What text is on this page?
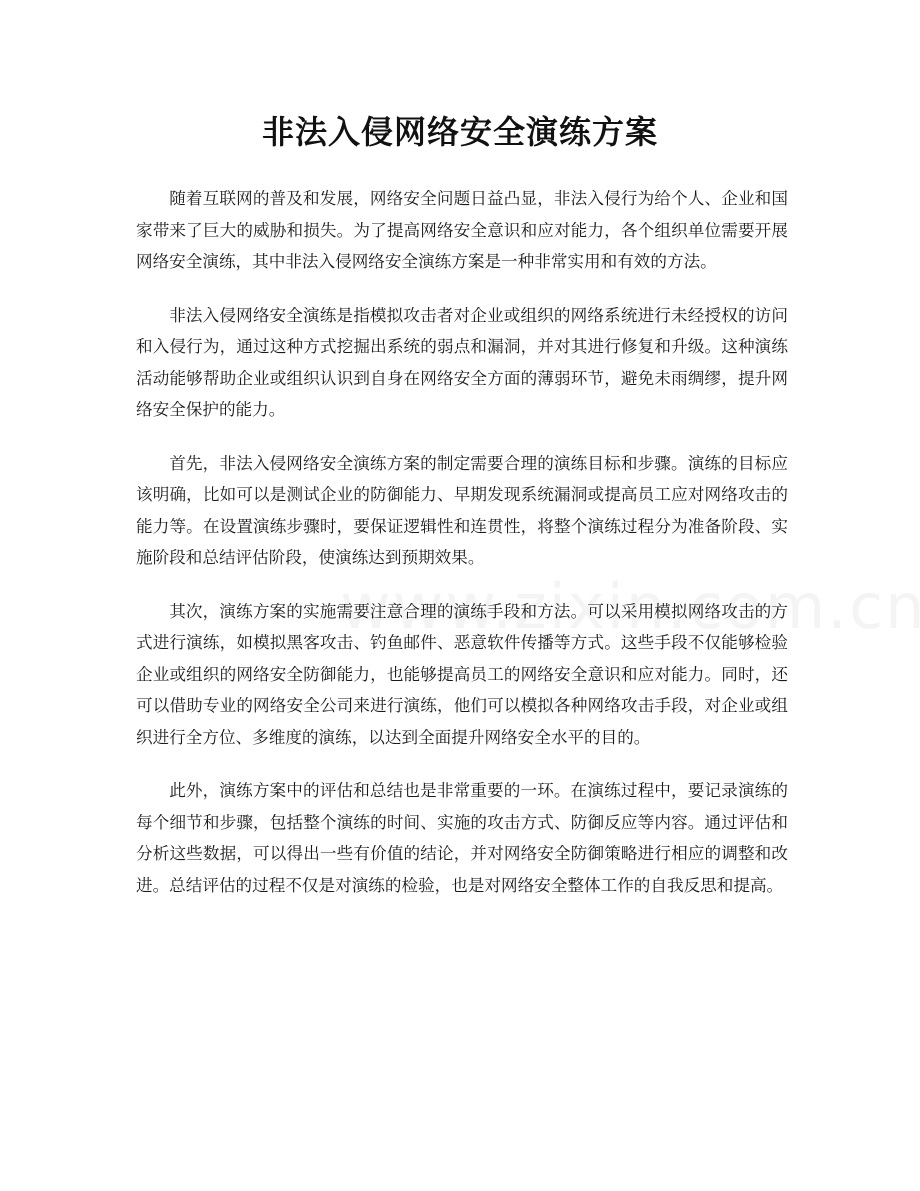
非法入侵网络安全演练方案

随着互联网的普及和发展，网络安全问题日益凸显，非法入侵行为给个人、企业和国家带来了巨大的威胁和损失。为了提高网络安全意识和应对能力，各个组织单位需要开展网络安全演练，其中非法入侵网络安全演练方案是一种非常实用和有效的方法。

非法入侵网络安全演练是指模拟攻击者对企业或组织的网络系统进行未经授权的访问和入侵行为，通过这种方式挖掘出系统的弱点和漏洞，并对其进行修复和升级。这种演练活动能够帮助企业或组织认识到自身在网络安全方面的薄弱环节，避免未雨绸缪，提升网络安全保护的能力。

首先，非法入侵网络安全演练方案的制定需要合理的演练目标和步骤。演练的目标应该明确，比如可以是测试企业的防御能力、早期发现系统漏洞或提高员工应对网络攻击的能力等。在设置演练步骤时，要保证逻辑性和连贯性，将整个演练过程分为准备阶段、实施阶段和总结评估阶段，使演练达到预期效果。

其次，演练方案的实施需要注意合理的演练手段和方法。可以采用模拟网络攻击的方式进行演练，如模拟黑客攻击、钓鱼邮件、恶意软件传播等方式。这些手段不仅能够检验企业或组织的网络安全防御能力，也能够提高员工的网络安全意识和应对能力。同时，还可以借助专业的网络安全公司来进行演练，他们可以模拟各种网络攻击手段，对企业或组织进行全方位、多维度的演练，以达到全面提升网络安全水平的目的。

此外，演练方案中的评估和总结也是非常重要的一环。在演练过程中，要记录演练的每个细节和步骤，包括整个演练的时间、实施的攻击方式、防御反应等内容。通过评估和分析这些数据，可以得出一些有价值的结论，并对网络安全防御策略进行相应的调整和改进。总结评估的过程不仅是对演练的检验，也是对网络安全整体工作的自我反思和提高。
